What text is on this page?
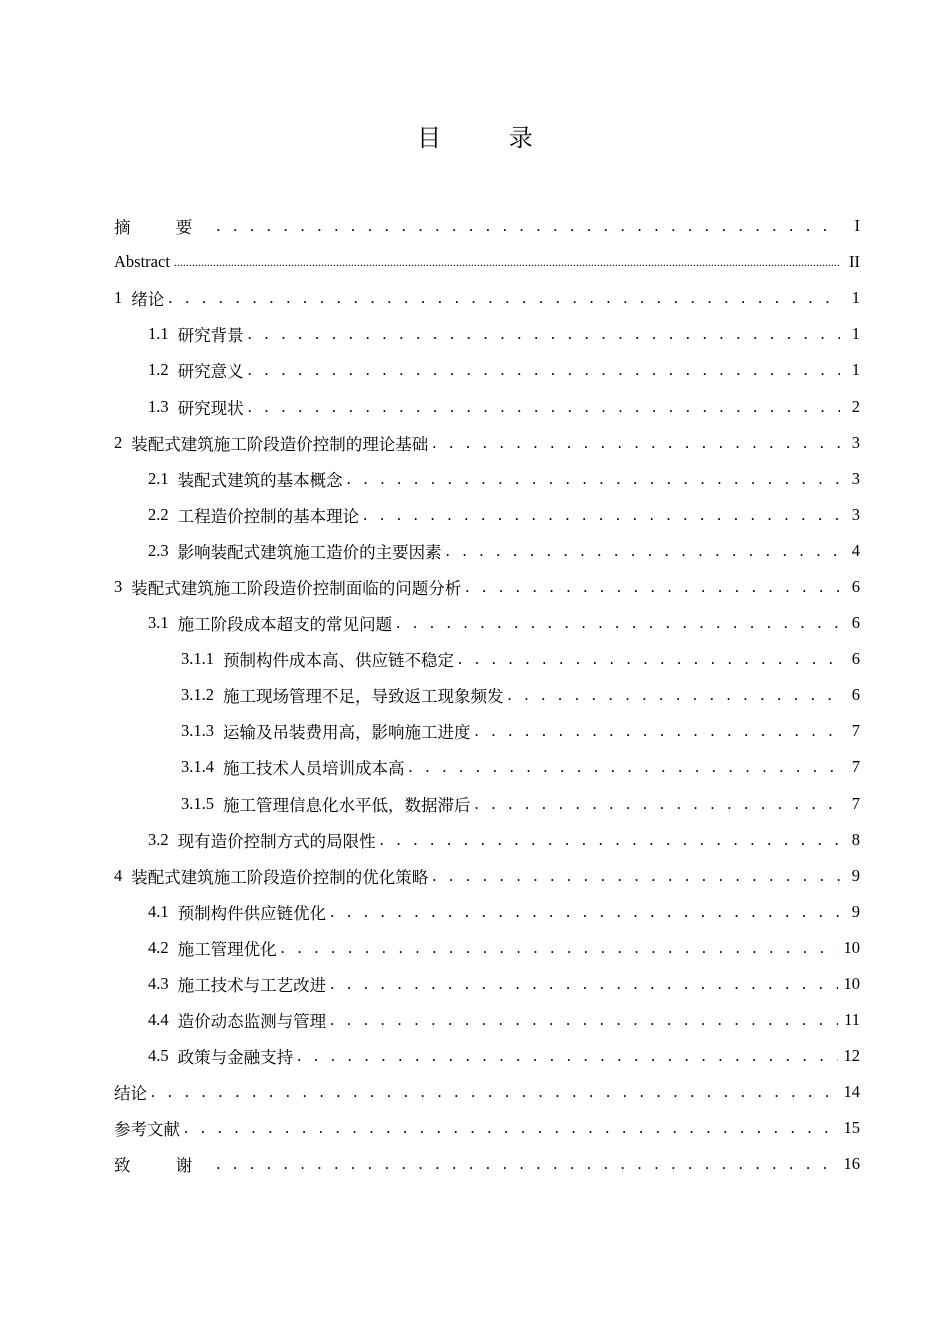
目 录
摘 要 . . .	I
Abstract .....	II
1 绪论 . . .	1
1.1 研究背景 . . .	1
1.2 研究意义 . . .	1
1.3 研究现状 . . .	2
2 装配式建筑施工阶段造价控制的理论基础 . . .	3
2.1 装配式建筑的基本概念 . . .	3
2.2 工程造价控制的基本理论 . . .	3
2.3 影响装配式建筑施工造价的主要因素 . . .	4
3 装配式建筑施工阶段造价控制面临的问题分析 . . .	6
3.1 施工阶段成本超支的常见问题 . . .	6
3.1.1 预制构件成本高、供应链不稳定 . . .	6
3.1.2 施工现场管理不足，导致返工现象频发 . . .	6
3.1.3 运输及吊装费用高，影响施工进度 . . .	7
3.1.4 施工技术人员培训成本高 . . .	7
3.1.5 施工管理信息化水平低，数据滞后 . . .	7
3.2 现有造价控制方式的局限性 . . .	8
4 装配式建筑施工阶段造价控制的优化策略 . . .	9
4.1 预制构件供应链优化 . . .	9
4.2 施工管理优化 . . .	10
4.3 施工技术与工艺改进 . . .	10
4.4 造价动态监测与管理 . . .	11
4.5 政策与金融支持 . . .	12
结论 . . .	14
参考文献 . . .	15
致 谢 . . .	16
